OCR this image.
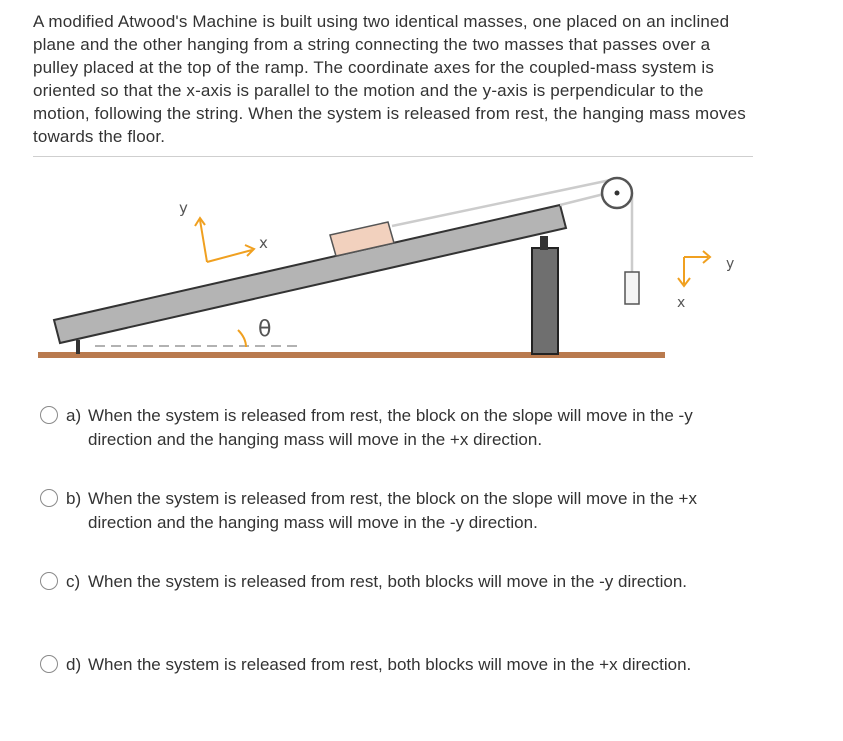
A modified Atwood's Machine is built using two identical masses, one placed on an inclined plane and the other hanging from a string connecting the two masses that passes over a pulley placed at the top of the ramp. The coordinate axes for the coupled-mass system is oriented so that the x-axis is parallel to the motion and the y-axis is perpendicular to the motion, following the string. When the system is released from rest, the hanging mass moves towards the floor.

y
x
θ
y
x
a) When the system is released from rest, the block on the slope will move in the -y direction and the hanging mass will move in the +x direction.
b) When the system is released from rest, the block on the slope will move in the +x direction and the hanging mass will move in the -y direction.
c) When the system is released from rest, both blocks will move in the -y direction.
d) When the system is released from rest, both blocks will move in the +x direction.
